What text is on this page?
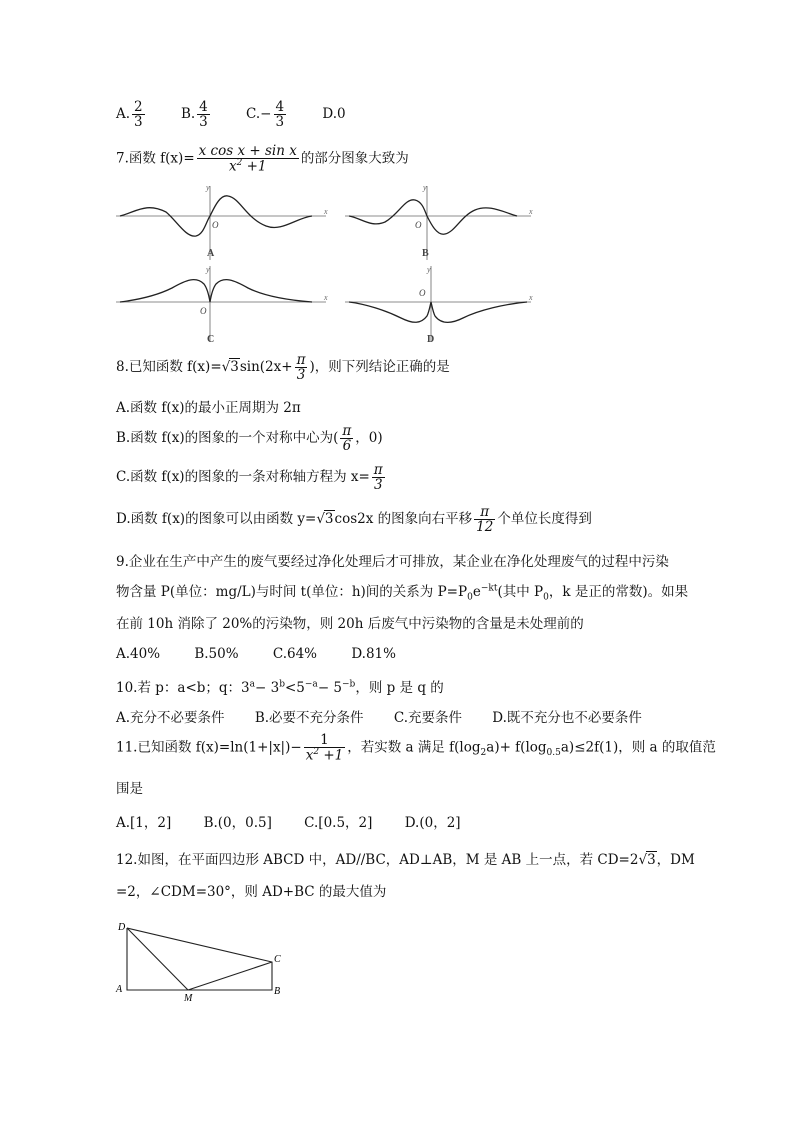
A. $\frac{2}{3}$	B. $\frac{4}{3}$	$C.- \frac{4}{3}$	D.0
7.函数 $f(x)= \frac{\text{x cos x + sin x}}{x^2 +1}$ 的部分图象大致为
y
x
O
A
y
x
O
B
y
x
O
C
y
x
O
D
8.已知函数 $f(x)=√3\sin(2x+ \frac{\pi}{3}$ )，则下列结论正确的是
A.函数 f(x)的最小正周期为 2π
B.函数 f(x)的图象的一个对称中心为( $\frac{\pi}{6}$ ，0)
C.函数 f(x)的图象的一条对称轴方程为 $x= \frac{\pi}{3}$
D.函数 f(x)的图象可以由函数 y=√3cos2x 的图象向右平移 $\frac{\pi}{12}$ 个单位长度得到
9.企业在生产中产生的废气要经过净化处理后才可排放，某企业在净化处理废气的过程中污染
物含量 P(单位：mg/L)与时间 t(单位：h)间的关系为 $P=P_0e^{-kt}$(其中 $P_0$，k 是正的常数)。如果
在前 10h 消除了 20%的污染物，则 20h 后废气中污染物的含量是未处理前的
A.40%	B.50%	C.64%	D.81%
10.若 p：a<b；q：$3^a- 3^b<5^{-a}- 5^{-b}$，则 p 是 q 的
A.充分不必要条件 B.必要不充分条件 C.充要条件 D.既不充分也不必要条件
11.已知函数 $f(x)=\ln(1+|x|)- \frac{1}{x^2 +1}$ ，若实数 a 满足 $f(\log_2a)+ f(\log_{0.5}a)\le 2f(1)$，则 a 的取值范
围是
A.[1，2] B.(0，0.5] C.[0.5，2] D.(0，2]
12.如图，在平面四边形 ABCD 中，AD//BC，AD⊥AB，M 是 AB 上一点，若 CD=2√3，DM
=2，∠CDM=30°，则 AD+BC 的最大值为
D
C
A
M
B
